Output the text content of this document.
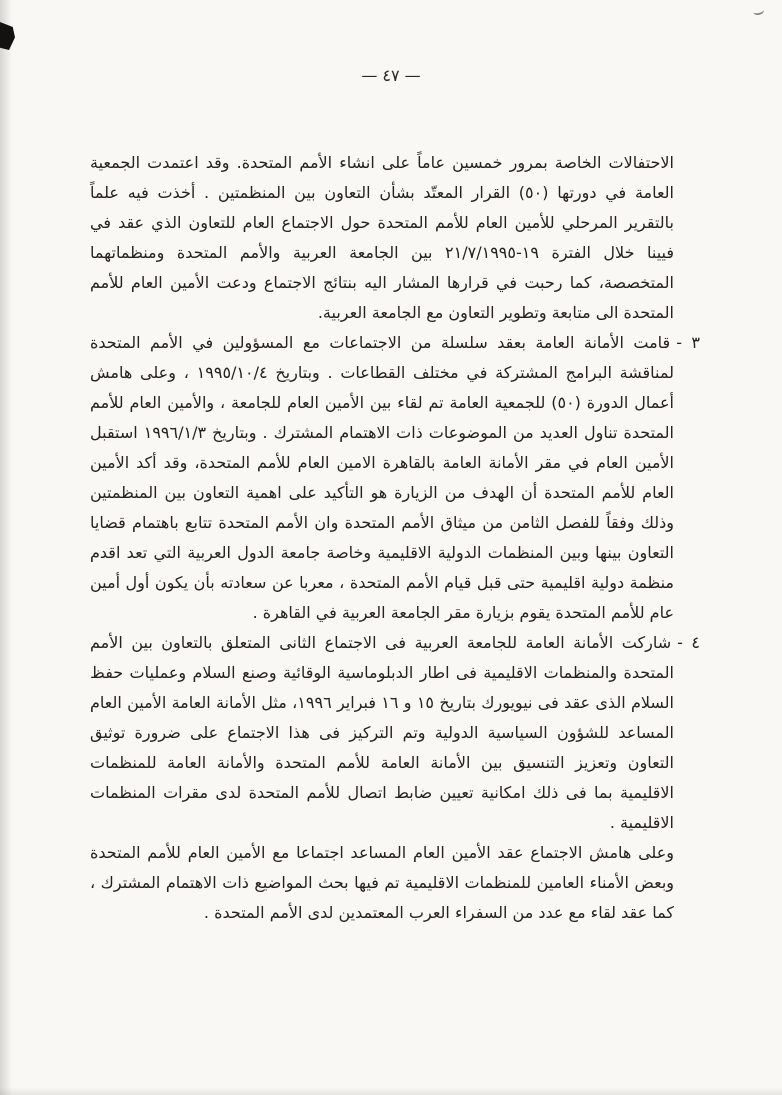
— ٤٧ —

الاحتفالات الخاصة بمرور خمسين عاماً على انشاء الأمم المتحدة. وقد اعتمدت الجمعية العامة في دورتها (٥٠) القرار المعتّد بشأن التعاون بين المنظمتين . أخذت فيه علماً بالتقرير المرحلي للأمين العام للأمم المتحدة حول الاجتماع العام للتعاون الذي عقد في فيينا خلال الفترة ١٩-٢١/٧/١٩٩٥ بين الجامعة العربية والأمم المتحدة ومنظماتهما المتخصصة، كما رحبت في قرارها المشار اليه بنتائج الاجتماع ودعت الأمين العام للأمم المتحدة الى متابعة وتطوير التعاون مع الجامعة العربية.

٣ -قامت الأمانة العامة بعقد سلسلة من الاجتماعات مع المسؤولين في الأمم المتحدة لمناقشة البرامج المشتركة في مختلف القطاعات . وبتاريخ ١٩٩٥/١٠/٤ ، وعلى هامش أعمال الدورة (٥٠) للجمعية العامة تم لقاء بين الأمين العام للجامعة ، والأمين العام للأمم المتحدة تناول العديد من الموضوعات ذات الاهتمام المشترك . وبتاريخ ١٩٩٦/١/٣ استقبل الأمين العام في مقر الأمانة العامة بالقاهرة الامين العام للأمم المتحدة، وقد أكد الأمين العام للأمم المتحدة أن الهدف من الزيارة هو التأكيد على اهمية التعاون بين المنظمتين وذلك وفقاً للفصل الثامن من ميثاق الأمم المتحدة وان الأمم المتحدة تتابع باهتمام قضايا التعاون بينها وبين المنظمات الدولية الاقليمية وخاصة جامعة الدول العربية التي تعد اقدم منظمة دولية اقليمية حتى قبل قيام الأمم المتحدة ، معربا عن سعادته بأن يكون أول أمين عام للأمم المتحدة يقوم بزيارة مقر الجامعة العربية في القاهرة .

٤ -شاركت الأمانة العامة للجامعة العربية فى الاجتماع الثانى المتعلق بالتعاون بين الأمم المتحدة والمنظمات الاقليمية فى اطار الدبلوماسية الوقائية وصنع السلام وعمليات حفظ السلام الذى عقد فى نيويورك بتاريخ ١٥ و ١٦ فبراير ١٩٩٦، مثل الأمانة العامة الأمين العام المساعد للشؤون السياسية الدولية وتم التركيز فى هذا الاجتماع على ضرورة توثيق التعاون وتعزيز التنسيق بين الأمانة العامة للأمم المتحدة والأمانة العامة للمنظمات الاقليمية بما فى ذلك امكانية تعيين ضابط اتصال للأمم المتحدة لدى مقرات المنظمات الاقليمية .

وعلى هامش الاجتماع عقد الأمين العام المساعد اجتماعا مع الأمين العام للأمم المتحدة وبعض الأمناء العامين للمنظمات الاقليمية تم فيها بحث المواضيع ذات الاهتمام المشترك ، كما عقد لقاء مع عدد من السفراء العرب المعتمدين لدى الأمم المتحدة .
